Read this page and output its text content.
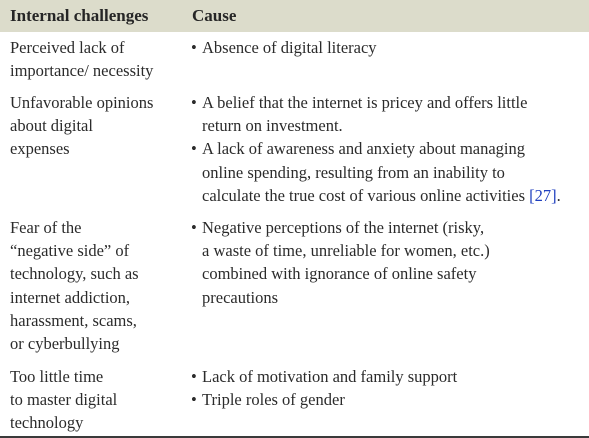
Internal challenges	Cause
Perceived lack of
importance/ necessity
• Absence of digital literacy
Unfavorable opinions
about digital
expenses
• A belief that the internet is pricey and offers little
return on investment.
• A lack of awareness and anxiety about managing
online spending, resulting from an inability to
calculate the true cost of various online activities [27].
Fear of the
“negative side” of
technology, such as
internet addiction,
harassment, scams,
or cyberbullying
• Negative perceptions of the internet (risky,
a waste of time, unreliable for women, etc.)
combined with ignorance of online safety
precautions
Too little time
to master digital
technology
• Lack of motivation and family support
• Triple roles of gender
